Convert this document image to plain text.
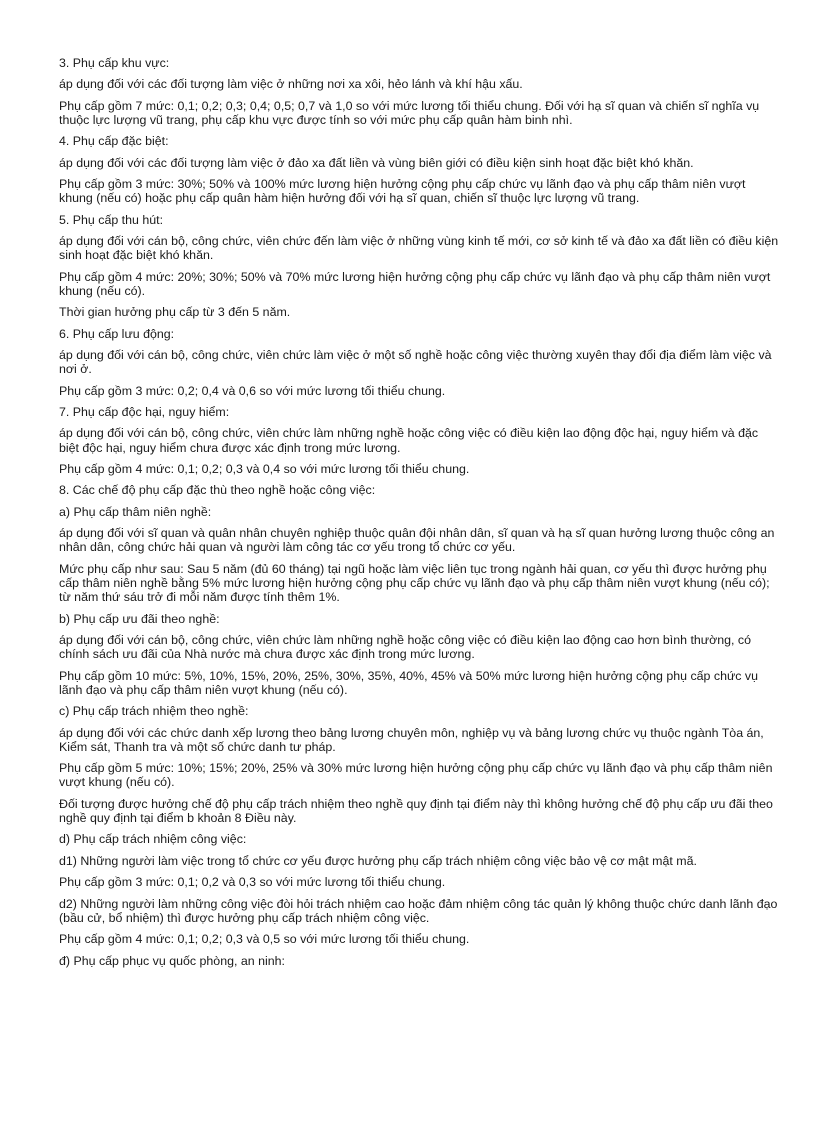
3. Phụ cấp khu vực:

áp dụng đối với các đối tượng làm việc ở những nơi xa xôi, hẻo lánh và khí hậu xấu.

Phụ cấp gồm 7 mức: 0,1; 0,2; 0,3; 0,4; 0,5; 0,7 và 1,0 so với mức lương tối thiểu chung. Đối với hạ sĩ quan và chiến sĩ nghĩa vụ thuộc lực lượng vũ trang, phụ cấp khu vực được tính so với mức phụ cấp quân hàm binh nhì.

4. Phụ cấp đặc biệt:

áp dụng đối với các đối tượng làm việc ở đảo xa đất liền và vùng biên giới có điều kiện sinh hoạt đặc biệt khó khăn.

Phụ cấp gồm 3 mức: 30%; 50% và 100% mức lương hiện hưởng cộng phụ cấp chức vụ lãnh đạo và phụ cấp thâm niên vượt khung (nếu có) hoặc phụ cấp quân hàm hiện hưởng đối với hạ sĩ quan, chiến sĩ thuộc lực lượng vũ trang.

5. Phụ cấp thu hút:

áp dụng đối với cán bộ, công chức, viên chức đến làm việc ở những vùng kinh tế mới, cơ sở kinh tế và đảo xa đất liền có điều kiện sinh hoạt đặc biệt khó khăn.

Phụ cấp gồm 4 mức: 20%; 30%; 50% và 70% mức lương hiện hưởng cộng phụ cấp chức vụ lãnh đạo và phụ cấp thâm niên vượt khung (nếu có).

Thời gian hưởng phụ cấp từ 3 đến 5 năm.

6. Phụ cấp lưu động:

áp dụng đối với cán bộ, công chức, viên chức làm việc ở một số nghề hoặc công việc thường xuyên thay đổi địa điểm làm việc và nơi ở.

Phụ cấp gồm 3 mức: 0,2; 0,4 và 0,6 so với mức lương tối thiểu chung.

7. Phụ cấp độc hại, nguy hiểm:

áp dụng đối với cán bộ, công chức, viên chức làm những nghề hoặc công việc có điều kiện lao động độc hại, nguy hiểm và đặc biệt độc hại, nguy hiểm chưa được xác định trong mức lương.

Phụ cấp gồm 4 mức: 0,1; 0,2; 0,3 và 0,4 so với mức lương tối thiểu chung.

8. Các chế độ phụ cấp đặc thù theo nghề hoặc công việc:

a) Phụ cấp thâm niên nghề:

áp dụng đối với sĩ quan và quân nhân chuyên nghiệp thuộc quân đội nhân dân, sĩ quan và hạ sĩ quan hưởng lương thuộc công an nhân dân, công chức hải quan và người làm công tác cơ yếu trong tổ chức cơ yếu.

Mức phụ cấp như sau: Sau 5 năm (đủ 60 tháng) tại ngũ hoặc làm việc liên tục trong ngành hải quan, cơ yếu thì được hưởng phụ cấp thâm niên nghề bằng 5% mức lương hiện hưởng cộng phụ cấp chức vụ lãnh đạo và phụ cấp thâm niên vượt khung (nếu có); từ năm thứ sáu trở đi mỗi năm được tính thêm 1%.

b) Phụ cấp ưu đãi theo nghề:

áp dụng đối với cán bộ, công chức, viên chức làm những nghề hoặc công việc có điều kiện lao động cao hơn bình thường, có chính sách ưu đãi của Nhà nước mà chưa được xác định trong mức lương.

Phụ cấp gồm 10 mức: 5%, 10%, 15%, 20%, 25%, 30%, 35%, 40%, 45% và 50% mức lương hiện hưởng cộng phụ cấp chức vụ lãnh đạo và phụ cấp thâm niên vượt khung (nếu có).

c) Phụ cấp trách nhiệm theo nghề:

áp dụng đối với các chức danh xếp lương theo bảng lương chuyên môn, nghiệp vụ và bảng lương chức vụ thuộc ngành Tòa án, Kiểm sát, Thanh tra và một số chức danh tư pháp.

Phụ cấp gồm 5 mức: 10%; 15%; 20%, 25% và 30% mức lương hiện hưởng cộng phụ cấp chức vụ lãnh đạo và phụ cấp thâm niên vượt khung (nếu có).

Đối tượng được hưởng chế độ phụ cấp trách nhiệm theo nghề quy định tại điểm này thì không hưởng chế độ phụ cấp ưu đãi theo nghề quy định tại điểm b khoản 8 Điều này.

d) Phụ cấp trách nhiệm công việc:

d1) Những người làm việc trong tổ chức cơ yếu được hưởng phụ cấp trách nhiệm công việc bảo vệ cơ mật mật mã.

Phụ cấp gồm 3 mức: 0,1; 0,2 và 0,3 so với mức lương tối thiểu chung.

d2) Những người làm những công việc đòi hỏi trách nhiệm cao hoặc đảm nhiệm công tác quản lý không thuộc chức danh lãnh đạo (bầu cử, bổ nhiệm) thì được hưởng phụ cấp trách nhiệm công việc.

Phụ cấp gồm 4 mức: 0,1; 0,2; 0,3 và 0,5 so với mức lương tối thiểu chung.

đ) Phụ cấp phục vụ quốc phòng, an ninh:
